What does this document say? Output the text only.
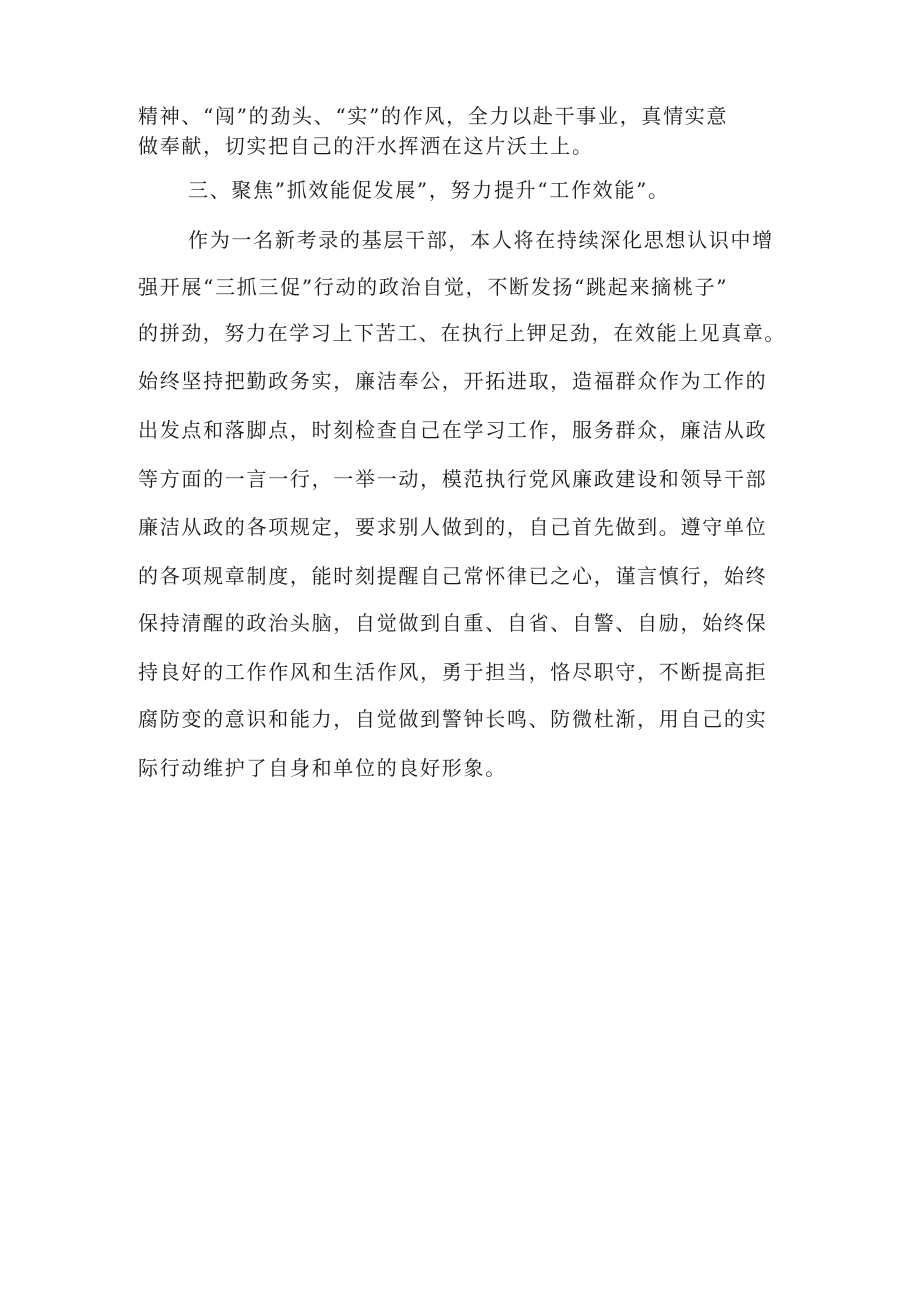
精神、“闯”的劲头、“实”的作风，全力以赴干事业，真情实意
做奉献，切实把自己的汗水挥洒在这片沃土上。
三、聚焦”抓效能促发展”，努力提升“工作效能”。
作为一名新考录的基层干部，本人将在持续深化思想认识中增
强开展“三抓三促”行动的政治自觉，不断发扬“跳起来摘桃子”
的拼劲，努力在学习上下苦工、在执行上钾足劲，在效能上见真章。
始终坚持把勤政务实，廉洁奉公，开拓进取，造福群众作为工作的
出发点和落脚点，时刻检查自己在学习工作，服务群众，廉洁从政
等方面的一言一行，一举一动，模范执行党风廉政建设和领导干部
廉洁从政的各项规定，要求别人做到的，自己首先做到。遵守单位
的各项规章制度，能时刻提醒自己常怀律已之心，谨言慎行，始终
保持清醒的政治头脑，自觉做到自重、自省、自警、自励，始终保
持良好的工作作风和生活作风，勇于担当，恪尽职守，不断提高拒
腐防变的意识和能力，自觉做到警钟长鸣、防微杜渐，用自己的实
际行动维护了自身和单位的良好形象。
